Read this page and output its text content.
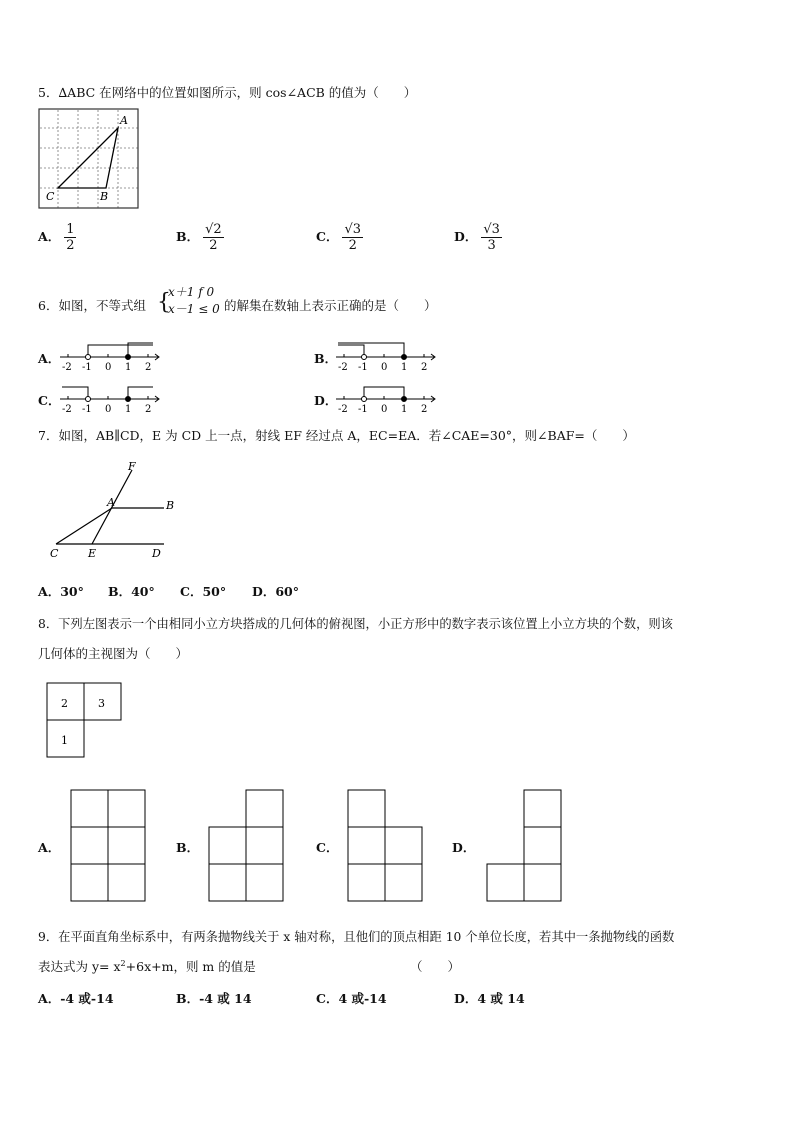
5．∆ABC 在网络中的位置如图所示，则 cos∠ACB 的值为（　　）
A
C	B
A． $\frac{1}{2}$	B． $\frac{√2}{2}$	C． $\frac{√3}{2}$	D． $\frac{√3}{3}$
6．如图，不等式组 {
x＋1 f 0
x－1 ≤ 0 的解集在数轴上表示正确的是（　　）
A．
-2 -1 0 1 2
B．
-2 -1 0 1 2
C．
-2 -1 0 1 2
D．
-2 -1 0 1 2
7．如图，AB∥CD，E 为 CD 上一点，射线 EF 经过点 A，EC=EA．若∠CAE=30°，则∠BAF=（　　）
F
A	B
C	E	D
A．30° B．40° C．50° D．60°
8．下列左图表示一个由相同小立方块搭成的几何体的俯视图，小正方形中的数字表示该位置上小立方块的个数，则该
几何体的主视图为（　　）
2	3
1
A．	B．	C．	D．
9．在平面直角坐标系中，有两条抛物线关于 x 轴对称，且他们的顶点相距 10 个单位长度，若其中一条抛物线的函数
表达式为 $y= x^2+6x+m$，则 m 的值是	（　　）
A．-4 或-14	B．-4 或 14	C．4 或-14	D．4 或 14
